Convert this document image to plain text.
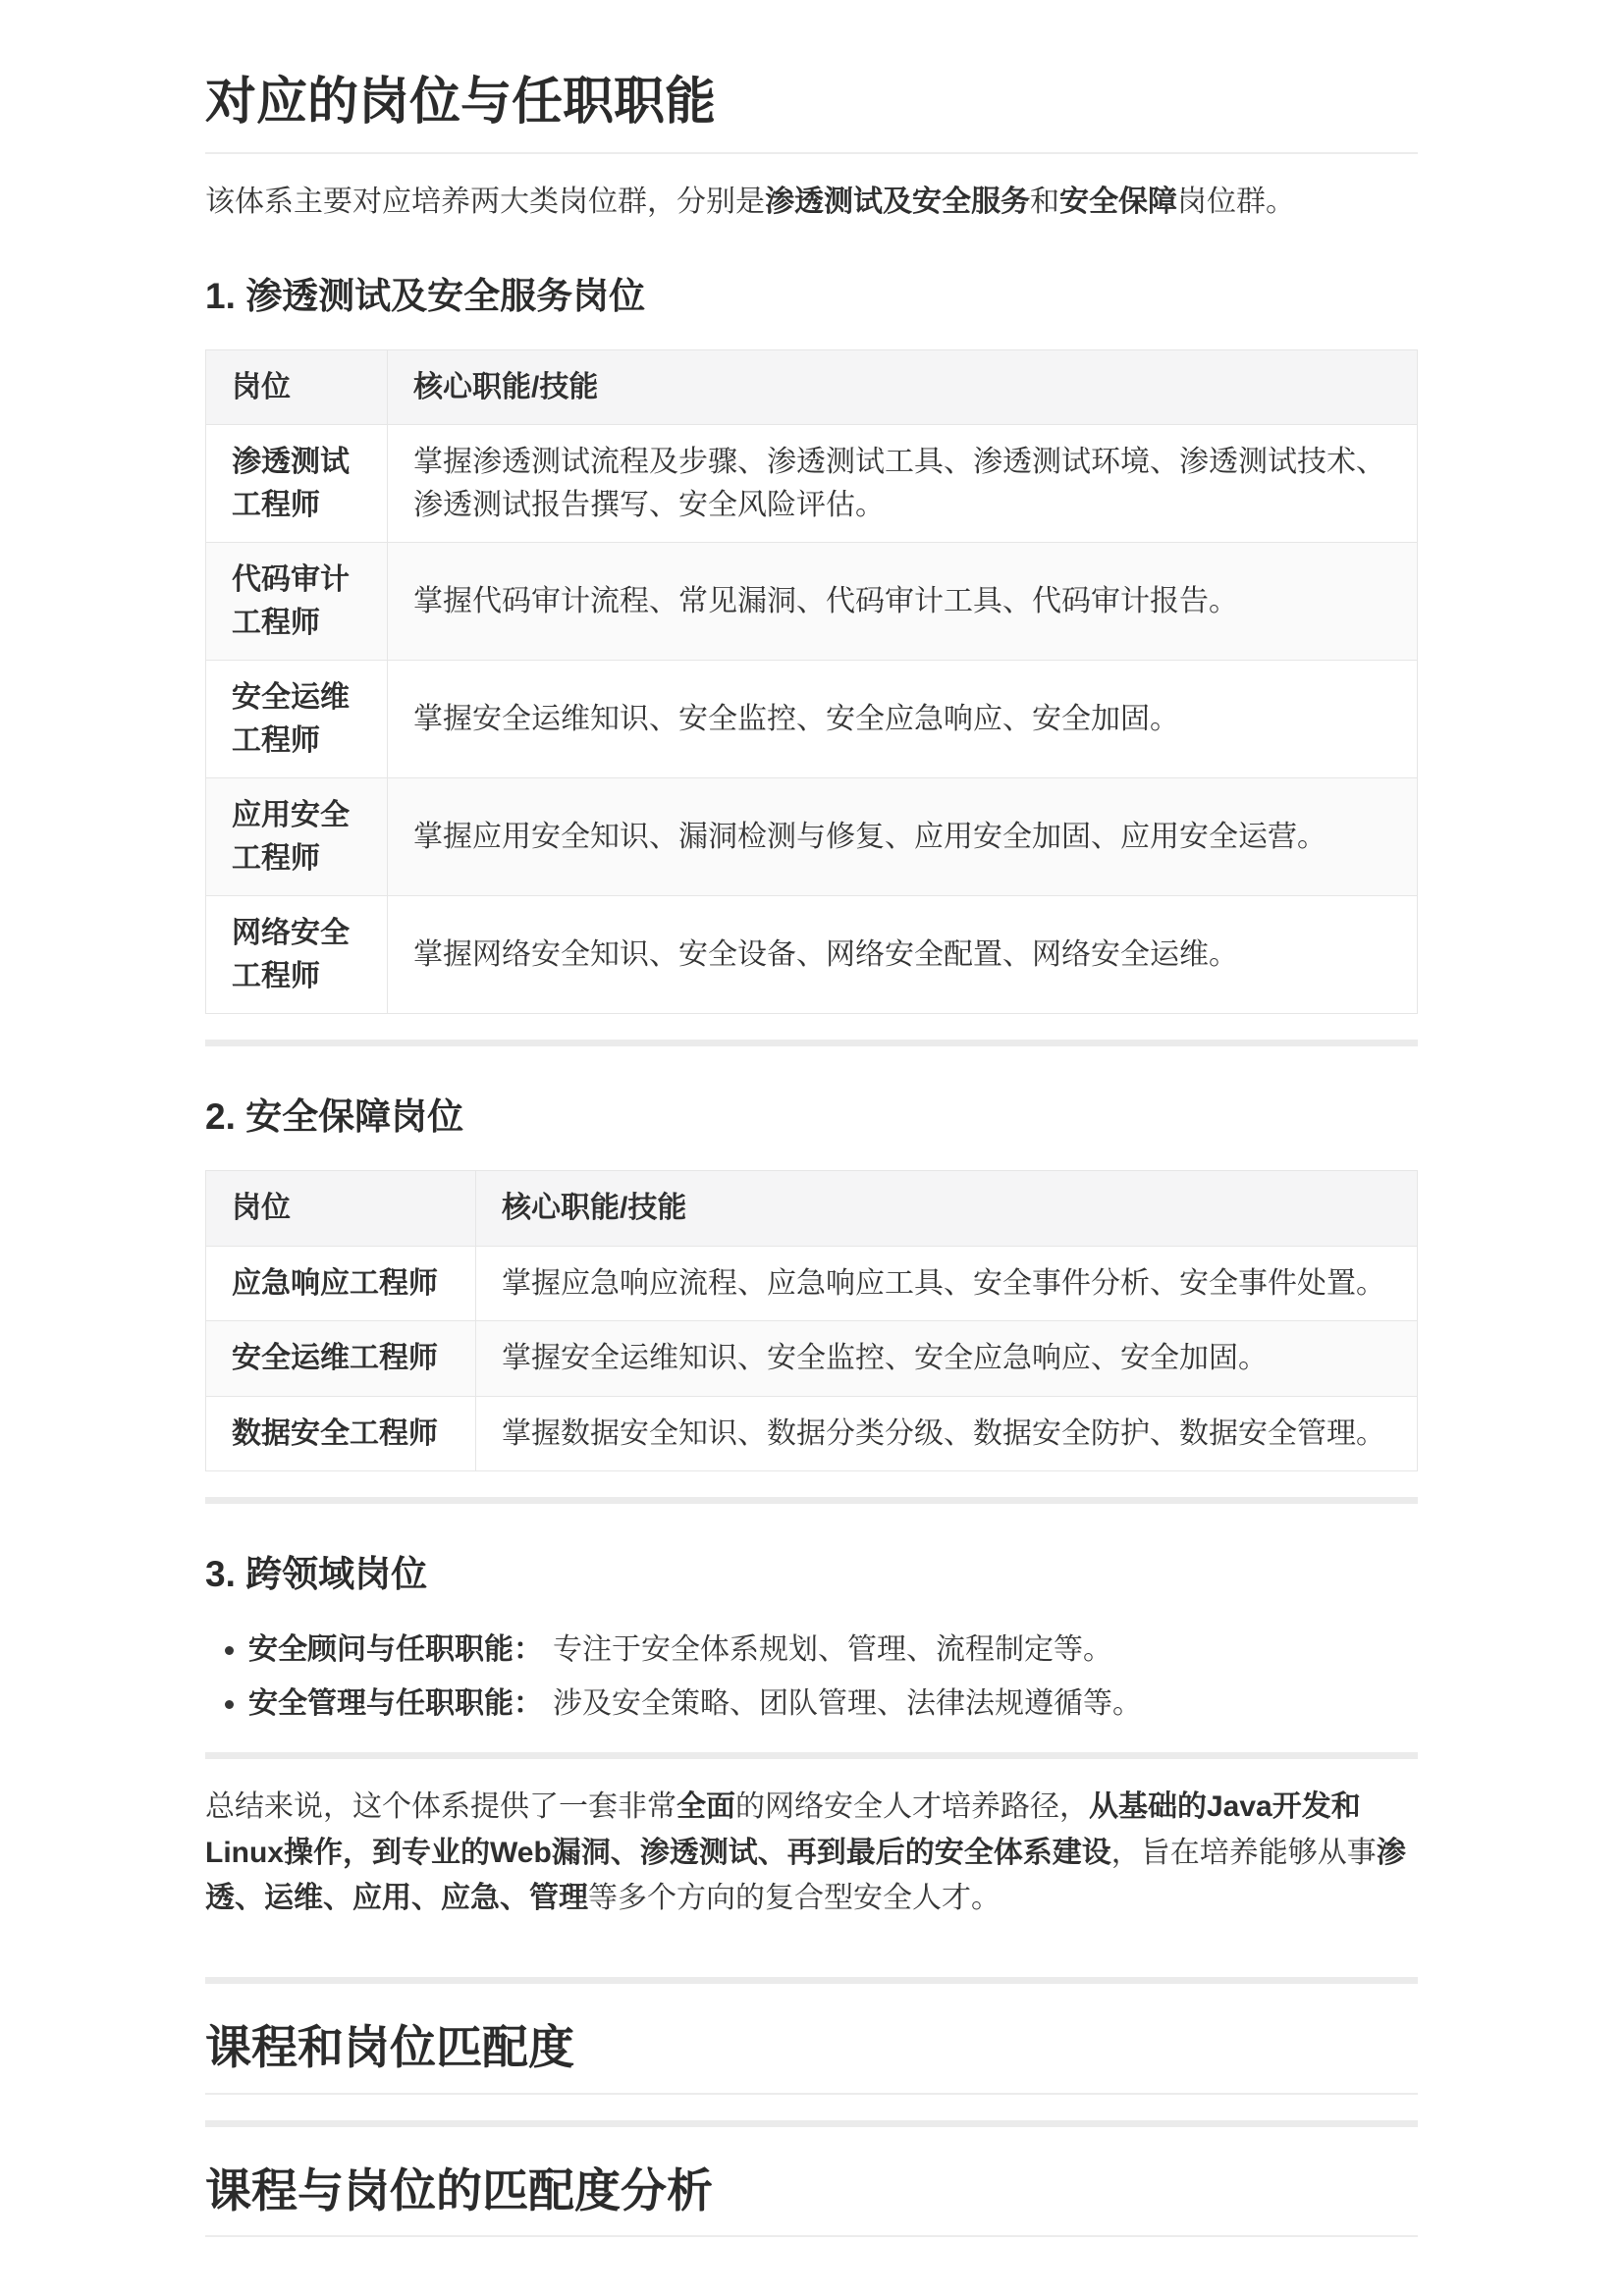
对应的岗位与任职职能

该体系主要对应培养两大类岗位群，分别是渗透测试及安全服务和安全保障岗位群。

1. 渗透测试及安全服务岗位
岗位	核心职能/技能
渗透测试工程师	掌握渗透测试流程及步骤、渗透测试工具、渗透测试环境、渗透测试技术、渗透测试报告撰写、安全风险评估。
代码审计工程师	掌握代码审计流程、常见漏洞、代码审计工具、代码审计报告。
安全运维工程师	掌握安全运维知识、安全监控、安全应急响应、安全加固。
应用安全工程师	掌握应用安全知识、漏洞检测与修复、应用安全加固、应用安全运营。
网络安全工程师	掌握网络安全知识、安全设备、网络安全配置、网络安全运维。
2. 安全保障岗位
岗位	核心职能/技能
应急响应工程师	掌握应急响应流程、应急响应工具、安全事件分析、安全事件处置。
安全运维工程师	掌握安全运维知识、安全监控、安全应急响应、安全加固。
数据安全工程师	掌握数据安全知识、数据分类分级、数据安全防护、数据安全管理。
3. 跨领域岗位
• 安全顾问与任职职能： 专注于安全体系规划、管理、流程制定等。
• 安全管理与任职职能： 涉及安全策略、团队管理、法律法规遵循等。

总结来说，这个体系提供了一套非常全面的网络安全人才培养路径，从基础的Java开发和Linux操作，到专业的Web漏洞、渗透测试、再到最后的安全体系建设，旨在培养能够从事渗透、运维、应用、应急、管理等多个方向的复合型安全人才。

课程和岗位匹配度
课程与岗位的匹配度分析
